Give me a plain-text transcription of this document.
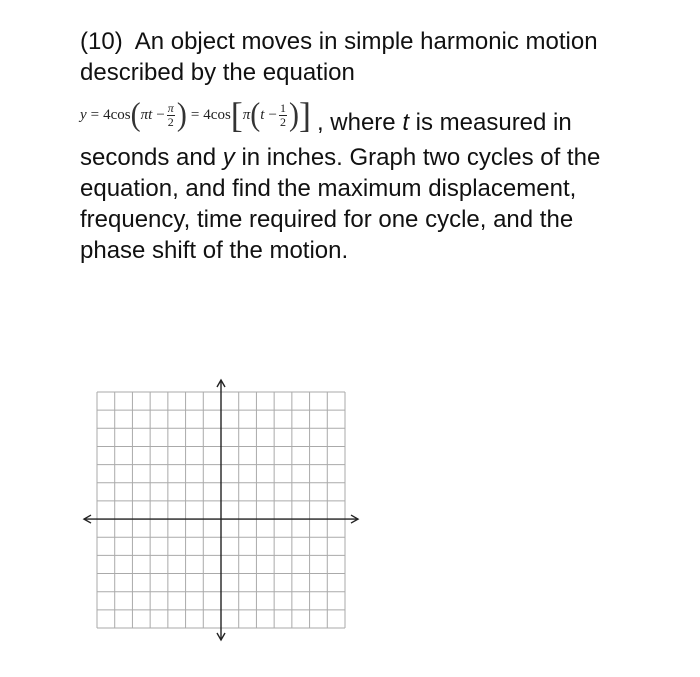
(10) An object moves in simple harmonic motion
described by the equation
y = 4cos ( π $t - \frac{\pi}{2}$ ) = 4cos [ π ( $t - \frac{1}{2}$ ) ] , where t is measured in
seconds and y in inches. Graph two cycles of the
equation, and find the maximum displacement,
frequency, time required for one cycle, and the
phase shift of the motion.
